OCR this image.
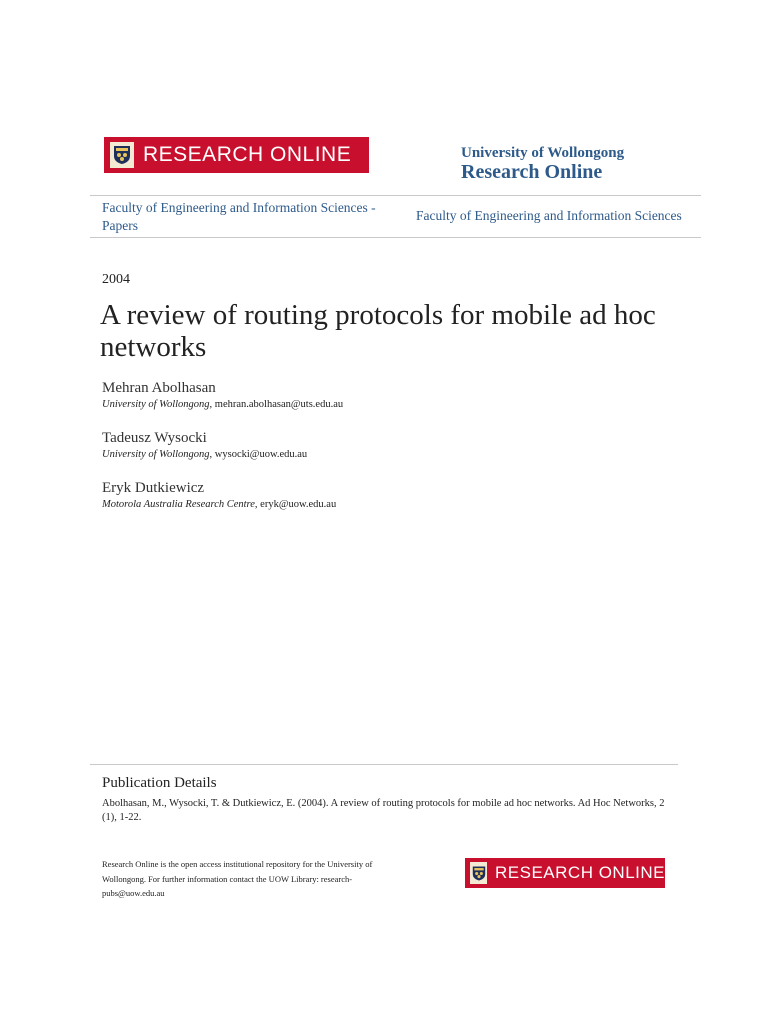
RESEARCH ONLINE	University of Wollongong
Research Online
Faculty of Engineering and Information Sciences - Papers
Faculty of Engineering and Information Sciences
2004
A review of routing protocols for mobile ad hoc networks
Mehran Abolhasan
University of Wollongong, mehran.abolhasan@uts.edu.au
Tadeusz Wysocki
University of Wollongong, wysocki@uow.edu.au
Eryk Dutkiewicz
Motorola Australia Research Centre, eryk@uow.edu.au
Publication Details
Abolhasan, M., Wysocki, T. & Dutkiewicz, E. (2004). A review of routing protocols for mobile ad hoc networks. Ad Hoc Networks, 2 (1), 1-22.
Research Online is the open access institutional repository for the University of Wollongong. For further information contact the UOW Library: research-pubs@uow.edu.au
RESEARCH ONLINE
